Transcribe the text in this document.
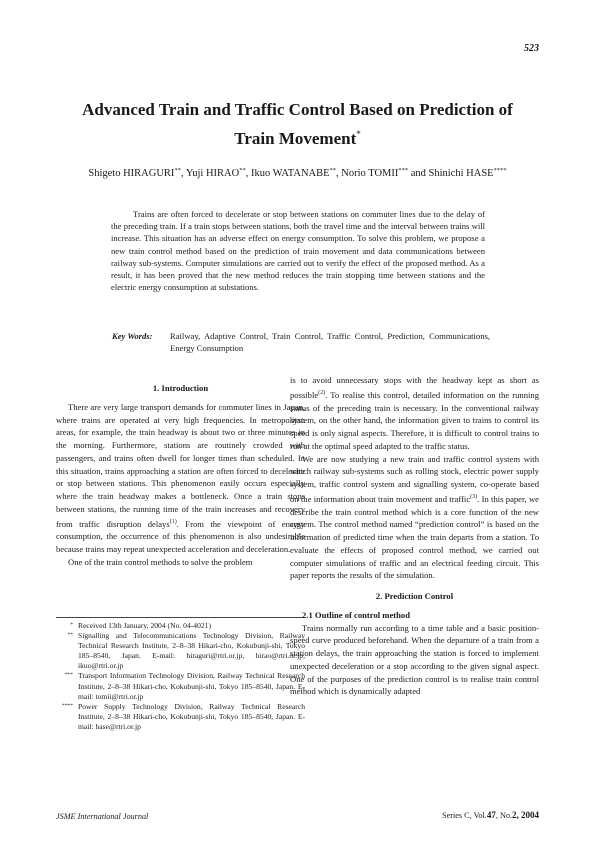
523
Advanced Train and Traffic Control Based on Prediction of
Train Movement*
Shigeto HIRAGURI**, Yuji HIRAO**, Ikuo WATANABE**, Norio TOMII*** and Shinichi HASE****
Trains are often forced to decelerate or stop between stations on commuter lines due to the delay of the preceding train. If a train stops between stations, both the travel time and the interval between trains will increase. This situation has an adverse effect on energy consumption. To solve this problem, we propose a new train control method based on the prediction of train movement and data communications between railway sub-systems. Computer simulations are carried out to verify the effect of the proposed method. As a result, it has been proved that the new method reduces the train stopping time between stations and the electric energy consumption at substations.
Key Words:	Railway, Adaptive Control, Train Control, Traffic Control, Prediction, Communications, Energy Consumption
1. Introduction

There are very large transport demands for commuter lines in Japan, where trains are operated at very high frequencies. In metropolitan areas, for example, the train headway is about two or three minutes in the morning. Furthermore, stations are routinely crowded with passengers, and trains often dwell for longer times than scheduled. In this situation, trains approaching a station are often forced to decelerate or stop between stations. This phenomenon easily occurs especially where the train headway makes a bottleneck. Once a train stops between stations, the running time of the train increases and recovery from traffic disruption delays$^{(1)}$. From the viewpoint of energy consumption, the occurrence of this phenomenon is also undesirable because trains may repeat unexpected acceleration and deceleration.

One of the train control methods to solve the problem

* Received 13th January, 2004 (No. 04-4021)
** Signalling and Telecommunications Technology Division, Railway Technical Research Institute, 2–8–38 Hikari-cho, Kokubunji-shi, Tokyo 185–8540, Japan. E-mail: hiraguri@rtri.or.jp, hirao@rtri.or.jp, ikuo@rtri.or.jp
*** Transport Information Technology Division, Railway Technical Research Institute, 2–8–38 Hikari-cho, Kokubunji-shi, Tokyo 185–8540, Japan. E-mail: tomii@rtri.or.jp
**** Power Supply Technology Division, Railway Technical Research Institute, 2–8–38 Hikari-cho, Kokubunji-shi, Tokyo 185–8540, Japan. E-mail: hase@rtri.or.jp

is to avoid unnecessary stops with the headway kept as short as possible$^{(2)}$. To realise this control, detailed information on the running status of the preceding train is necessary. In the conventional railway system, on the other hand, the information given to trains to control its speed is only signal aspects. Therefore, it is difficult to control trains to run at the optimal speed adapted to the traffic status.

We are now studying a new train and traffic control system with which railway sub-systems such as rolling stock, electric power supply system, traffic control system and signalling system, co-operate based on the information about train movement and traffic$^{(3)}$. In this paper, we describe the train control method which is a core function of the new system. The control method named “prediction control” is based on the information of predicted time when the train departs from a station. To evaluate the effects of proposed control method, we carried out computer simulations of traffic and an electrical feeding circuit. This paper reports the results of the simulation.

2. Prediction Control
2.1 Outline of control method

Trains normally run according to a time table and a basic position-speed curve produced beforehand. When the departure of a train from a station delays, the train approaching the station is forced to implement unexpected deceleration or a stop according to the given signal aspect. One of the purposes of the prediction control is to realise train control method which is dynamically adapted

JSME International Journal	Series C, Vol.47, No.2, 2004
